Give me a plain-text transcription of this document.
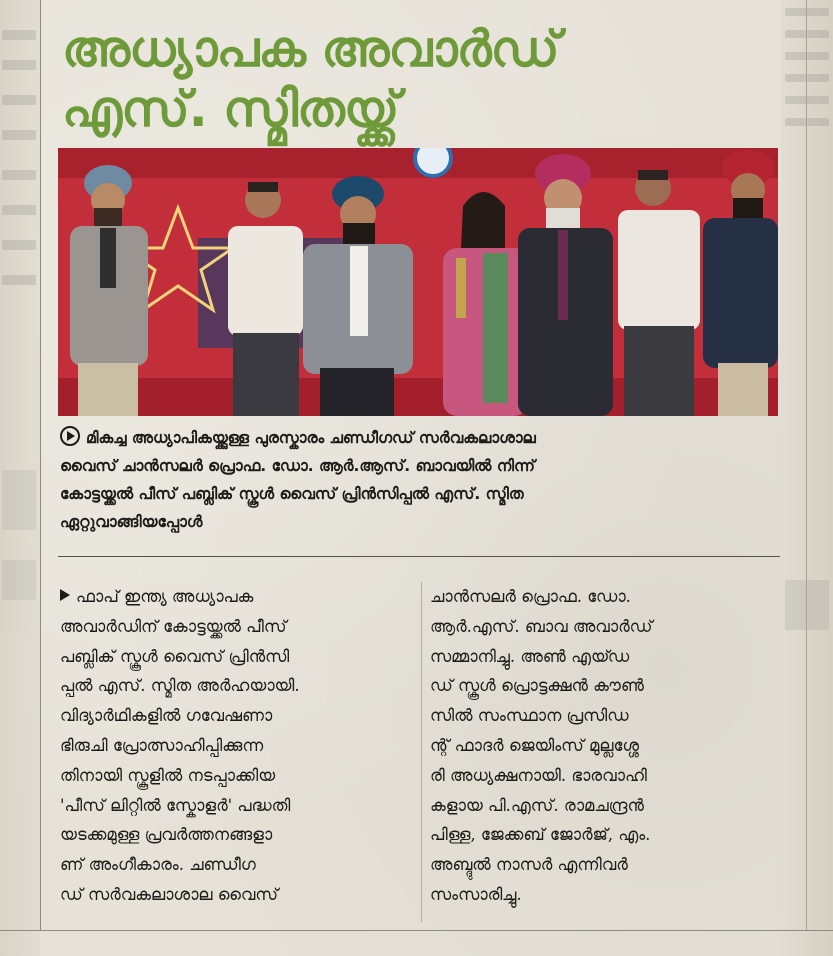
അധ്യാപക അവാർഡ്
എസ്. സ്മിതയ്ക്ക്
മികച്ച അധ്യാപികയ്ക്കുള്ള പുരസ്കാരം ചണ്ഡീഗഡ് സർവകലാശാല
വൈസ് ചാൻസലർ പ്രൊഫ. ഡോ. ആർ.ആസ്. ബാവയിൽ നിന്ന്
കോട്ടയ്ക്കൽ പീസ് പബ്ലിക് സ്കൂൾ വൈസ് പ്രിൻസിപ്പൽ എസ്. സ്മിത
ഏറ്റുവാങ്ങിയപ്പോൾ
ഫാപ് ഇന്ത്യ അധ്യാപക
അവാർഡിന് കോട്ടയ്ക്കൽ പീസ്
പബ്ലിക് സ്കൂൾ വൈസ് പ്രിൻസി
പ്പൽ എസ്. സ്മിത അർഹയായി.
വിദ്യാർഥികളിൽ ഗവേഷണാ
ഭിരുചി പ്രോത്സാഹിപ്പിക്കുന്ന
തിനായി സ്കൂളിൽ നടപ്പാക്കിയ
'പീസ് ലിറ്റിൽ സ്കോളർ' പദ്ധതി
യടക്കമുള്ള പ്രവർത്തനങ്ങളാ
ണ് അംഗീകാരം. ചണ്ഡീഗ
ഡ് സർവകലാശാല വൈസ്
ചാൻസലർ പ്രൊഫ. ഡോ.
ആർ.എസ്. ബാവ അവാർഡ്
സമ്മാനിച്ചു. അൺ എയ്ഡ
ഡ് സ്കൂൾ പ്രൊട്ടക്ഷൻ കൗൺ
സിൽ സംസ്ഥാന പ്രസിഡ
ന്റ് ഫാദർ ജെയിംസ് മുല്ലശ്ശേ
രി അധ്യക്ഷനായി. ഭാരവാഹി
കളായ പി.എസ്. രാമചന്ദ്രൻ
പിള്ള, ജേക്കബ് ജോർജ്, എം.
അബ്ദുൽ നാസർ എന്നിവർ
സംസാരിച്ചു.
